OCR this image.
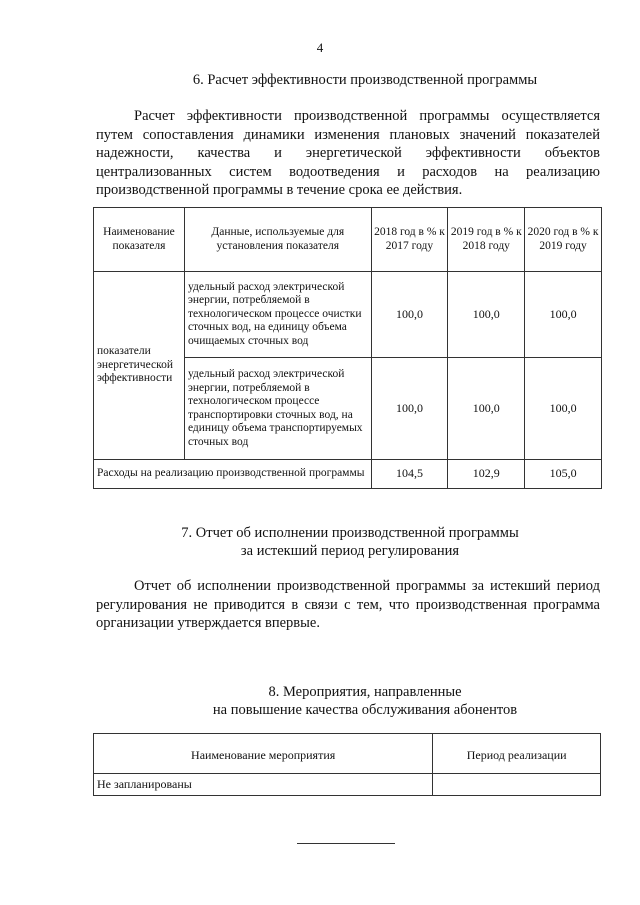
4
6. Расчет эффективности производственной программы
Расчет эффективности производственной программы осуществляется
путем сопоставления динамики изменения плановых значений показателей
надежности, качества и энергетической эффективности объектов
централизованных систем водоотведения и расходов на реализацию
производственной программы в течение срока ее действия.
Наименование показателя	Данные, используемые для установления показателя	2018 год в % к 2017 году	2019 год в % к 2018 году	2020 год в % к 2019 году
показатели энергетической эффективности	удельный расход электрической энергии, потребляемой в технологическом процессе очистки сточных вод, на единицу объема очищаемых сточных вод	100,0	100,0	100,0
	удельный расход электрической энергии, потребляемой в технологическом процессе транспортировки сточных вод, на единицу объема транспортируемых сточных вод	100,0	100,0	100,0
Расходы на реализацию производственной программы		104,5	102,9	105,0
7. Отчет об исполнении производственной программы
за истекший период регулирования
Отчет об исполнении производственной программы за истекший период
регулирования не приводится в связи с тем, что производственная программа
организации утверждается впервые.
8. Мероприятия, направленные
на повышение качества обслуживания абонентов
Наименование мероприятия	Период реализации
Не запланированы	
